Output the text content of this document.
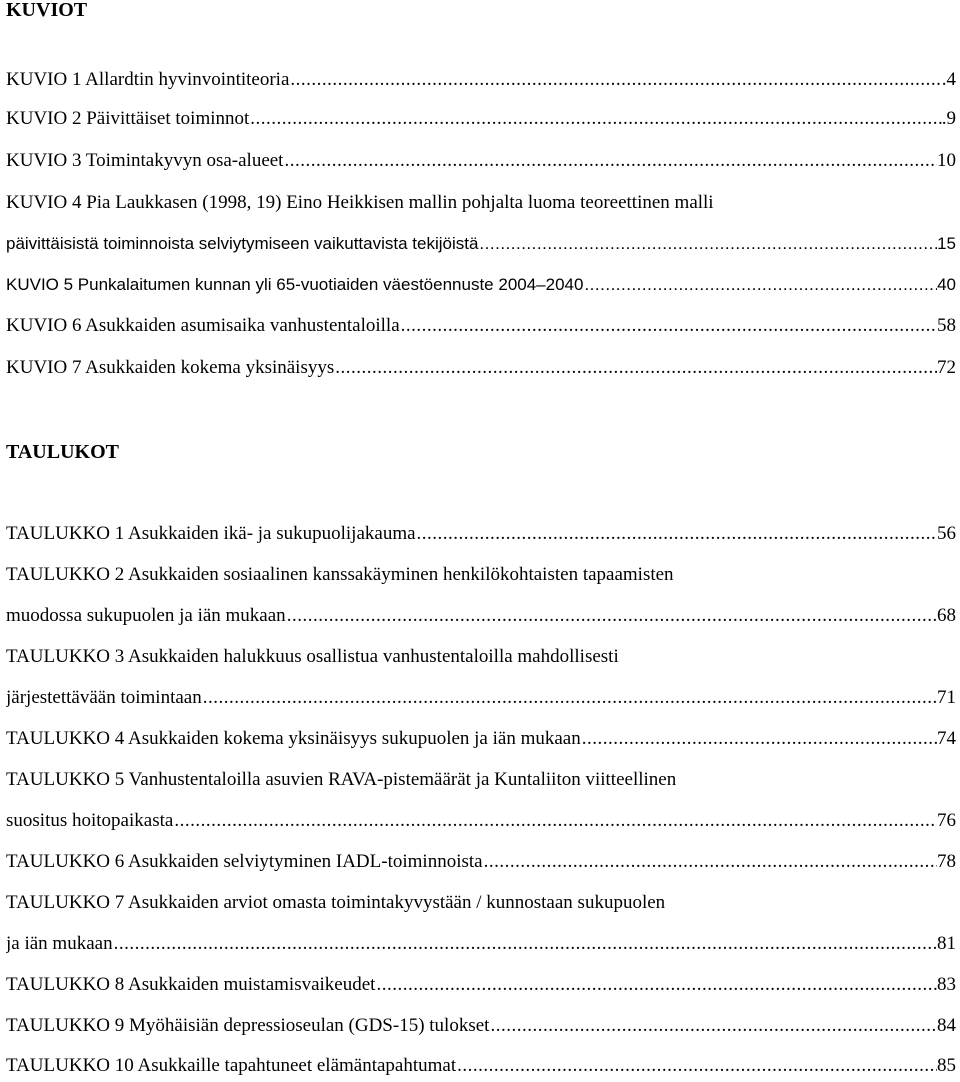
KUVIOT
KUVIO 1 Allardtin hyvinvointiteoria .....	.4
KUVIO 2 Päivittäiset toiminnot .....	.9
KUVIO 3 Toimintakyvyn osa-alueet .....	10
KUVIO 4 Pia Laukkasen (1998, 19) Eino Heikkisen mallin pohjalta luoma teoreettinen malli
päivittäisistä toiminnoista selviytymiseen vaikuttavista tekijöistä .....	15
KUVIO 5 Punkalaitumen kunnan yli 65-vuotiaiden väestöennuste 2004–2040 .....	40
KUVIO 6 Asukkaiden asumisaika vanhustentaloilla .....	58
KUVIO 7 Asukkaiden kokema yksinäisyys .....	72
TAULUKOT
TAULUKKO 1 Asukkaiden ikä- ja sukupuolijakauma .....	56
TAULUKKO 2 Asukkaiden sosiaalinen kanssakäyminen henkilökohtaisten tapaamisten
muodossa sukupuolen ja iän mukaan .....	68
TAULUKKO 3 Asukkaiden halukkuus osallistua vanhustentaloilla mahdollisesti
järjestettävään toimintaan .....	71
TAULUKKO 4 Asukkaiden kokema yksinäisyys sukupuolen ja iän mukaan .....	74
TAULUKKO 5 Vanhustentaloilla asuvien RAVA-pistemäärät ja Kuntaliiton viitteellinen
suositus hoitopaikasta .....	76
TAULUKKO 6 Asukkaiden selviytyminen IADL-toiminnoista .....	78
TAULUKKO 7 Asukkaiden arviot omasta toimintakyvystään / kunnostaan sukupuolen
ja iän mukaan .....	81
TAULUKKO 8 Asukkaiden muistamisvaikeudet .....	83
TAULUKKO 9 Myöhäisiän depressioseulan (GDS-15) tulokset .....	84
TAULUKKO 10 Asukkaille tapahtuneet elämäntapahtumat .....	85
